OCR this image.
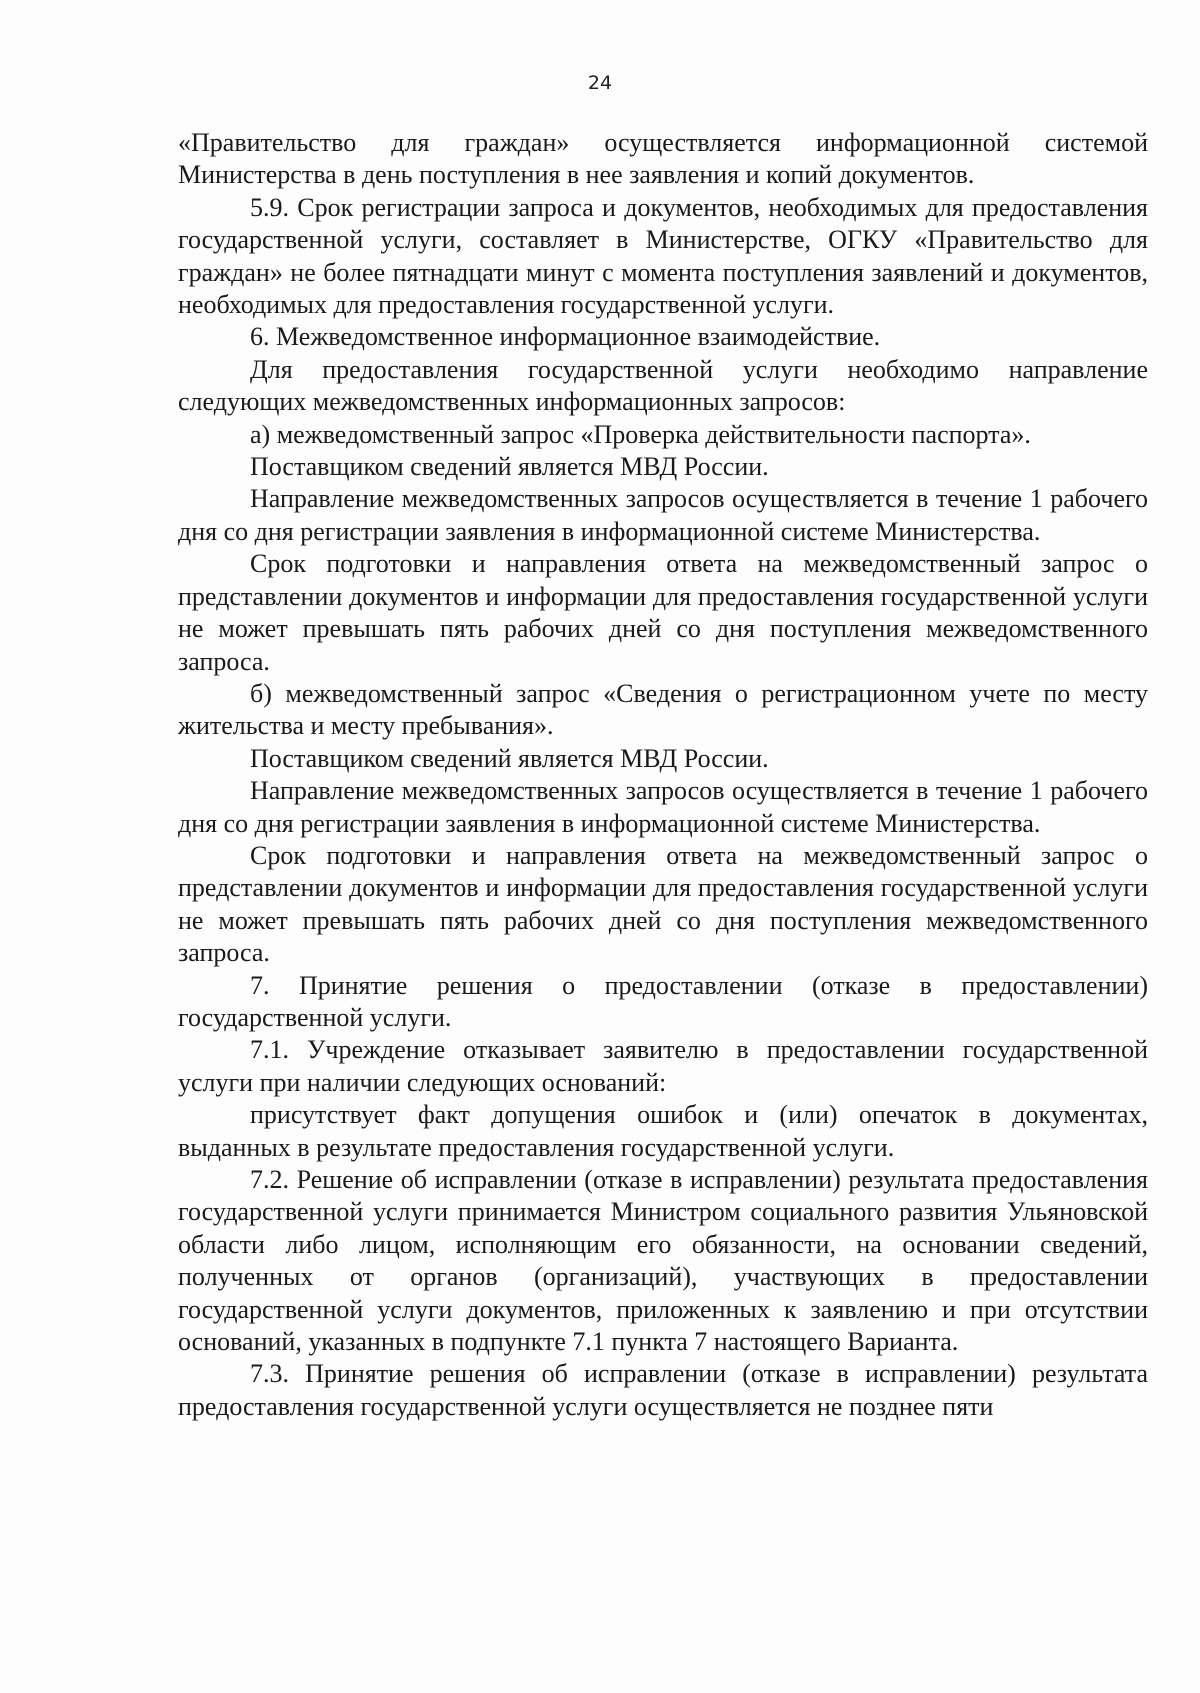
24

«Правительство для граждан» осуществляется информационной системой Министерства в день поступления в нее заявления и копий документов.

5.9. Срок регистрации запроса и документов, необходимых для предоставления государственной услуги, составляет в Министерстве, ОГКУ «Правительство для граждан» не более пятнадцати минут с момента поступления заявлений и документов, необходимых для предоставления государственной услуги.

6. Межведомственное информационное взаимодействие.

Для предоставления государственной услуги необходимо направление следующих межведомственных информационных запросов:

а) межведомственный запрос «Проверка действительности паспорта».

Поставщиком сведений является МВД России.

Направление межведомственных запросов осуществляется в течение 1 рабочего дня со дня регистрации заявления в информационной системе Министерства.

Срок подготовки и направления ответа на межведомственный запрос о представлении документов и информации для предоставления государственной услуги не может превышать пять рабочих дней со дня поступления межведомственного запроса.

б) межведомственный запрос «Сведения о регистрационном учете по месту жительства и месту пребывания».

Поставщиком сведений является МВД России.

Направление межведомственных запросов осуществляется в течение 1 рабочего дня со дня регистрации заявления в информационной системе Министерства.

Срок подготовки и направления ответа на межведомственный запрос о представлении документов и информации для предоставления государственной услуги не может превышать пять рабочих дней со дня поступления межведомственного запроса.

7. Принятие решения о предоставлении (отказе в предоставлении) государственной услуги.

7.1. Учреждение отказывает заявителю в предоставлении государственной услуги при наличии следующих оснований:

присутствует факт допущения ошибок и (или) опечаток в документах, выданных в результате предоставления государственной услуги.

7.2. Решение об исправлении (отказе в исправлении) результата предоставления государственной услуги принимается Министром социального развития Ульяновской области либо лицом, исполняющим его обязанности, на основании сведений, полученных от органов (организаций), участвующих в предоставлении государственной услуги документов, приложенных к заявлению и при отсутствии оснований, указанных в подпункте 7.1 пункта 7 настоящего Варианта.

7.3. Принятие решения об исправлении (отказе в исправлении) результата предоставления государственной услуги осуществляется не позднее пяти
